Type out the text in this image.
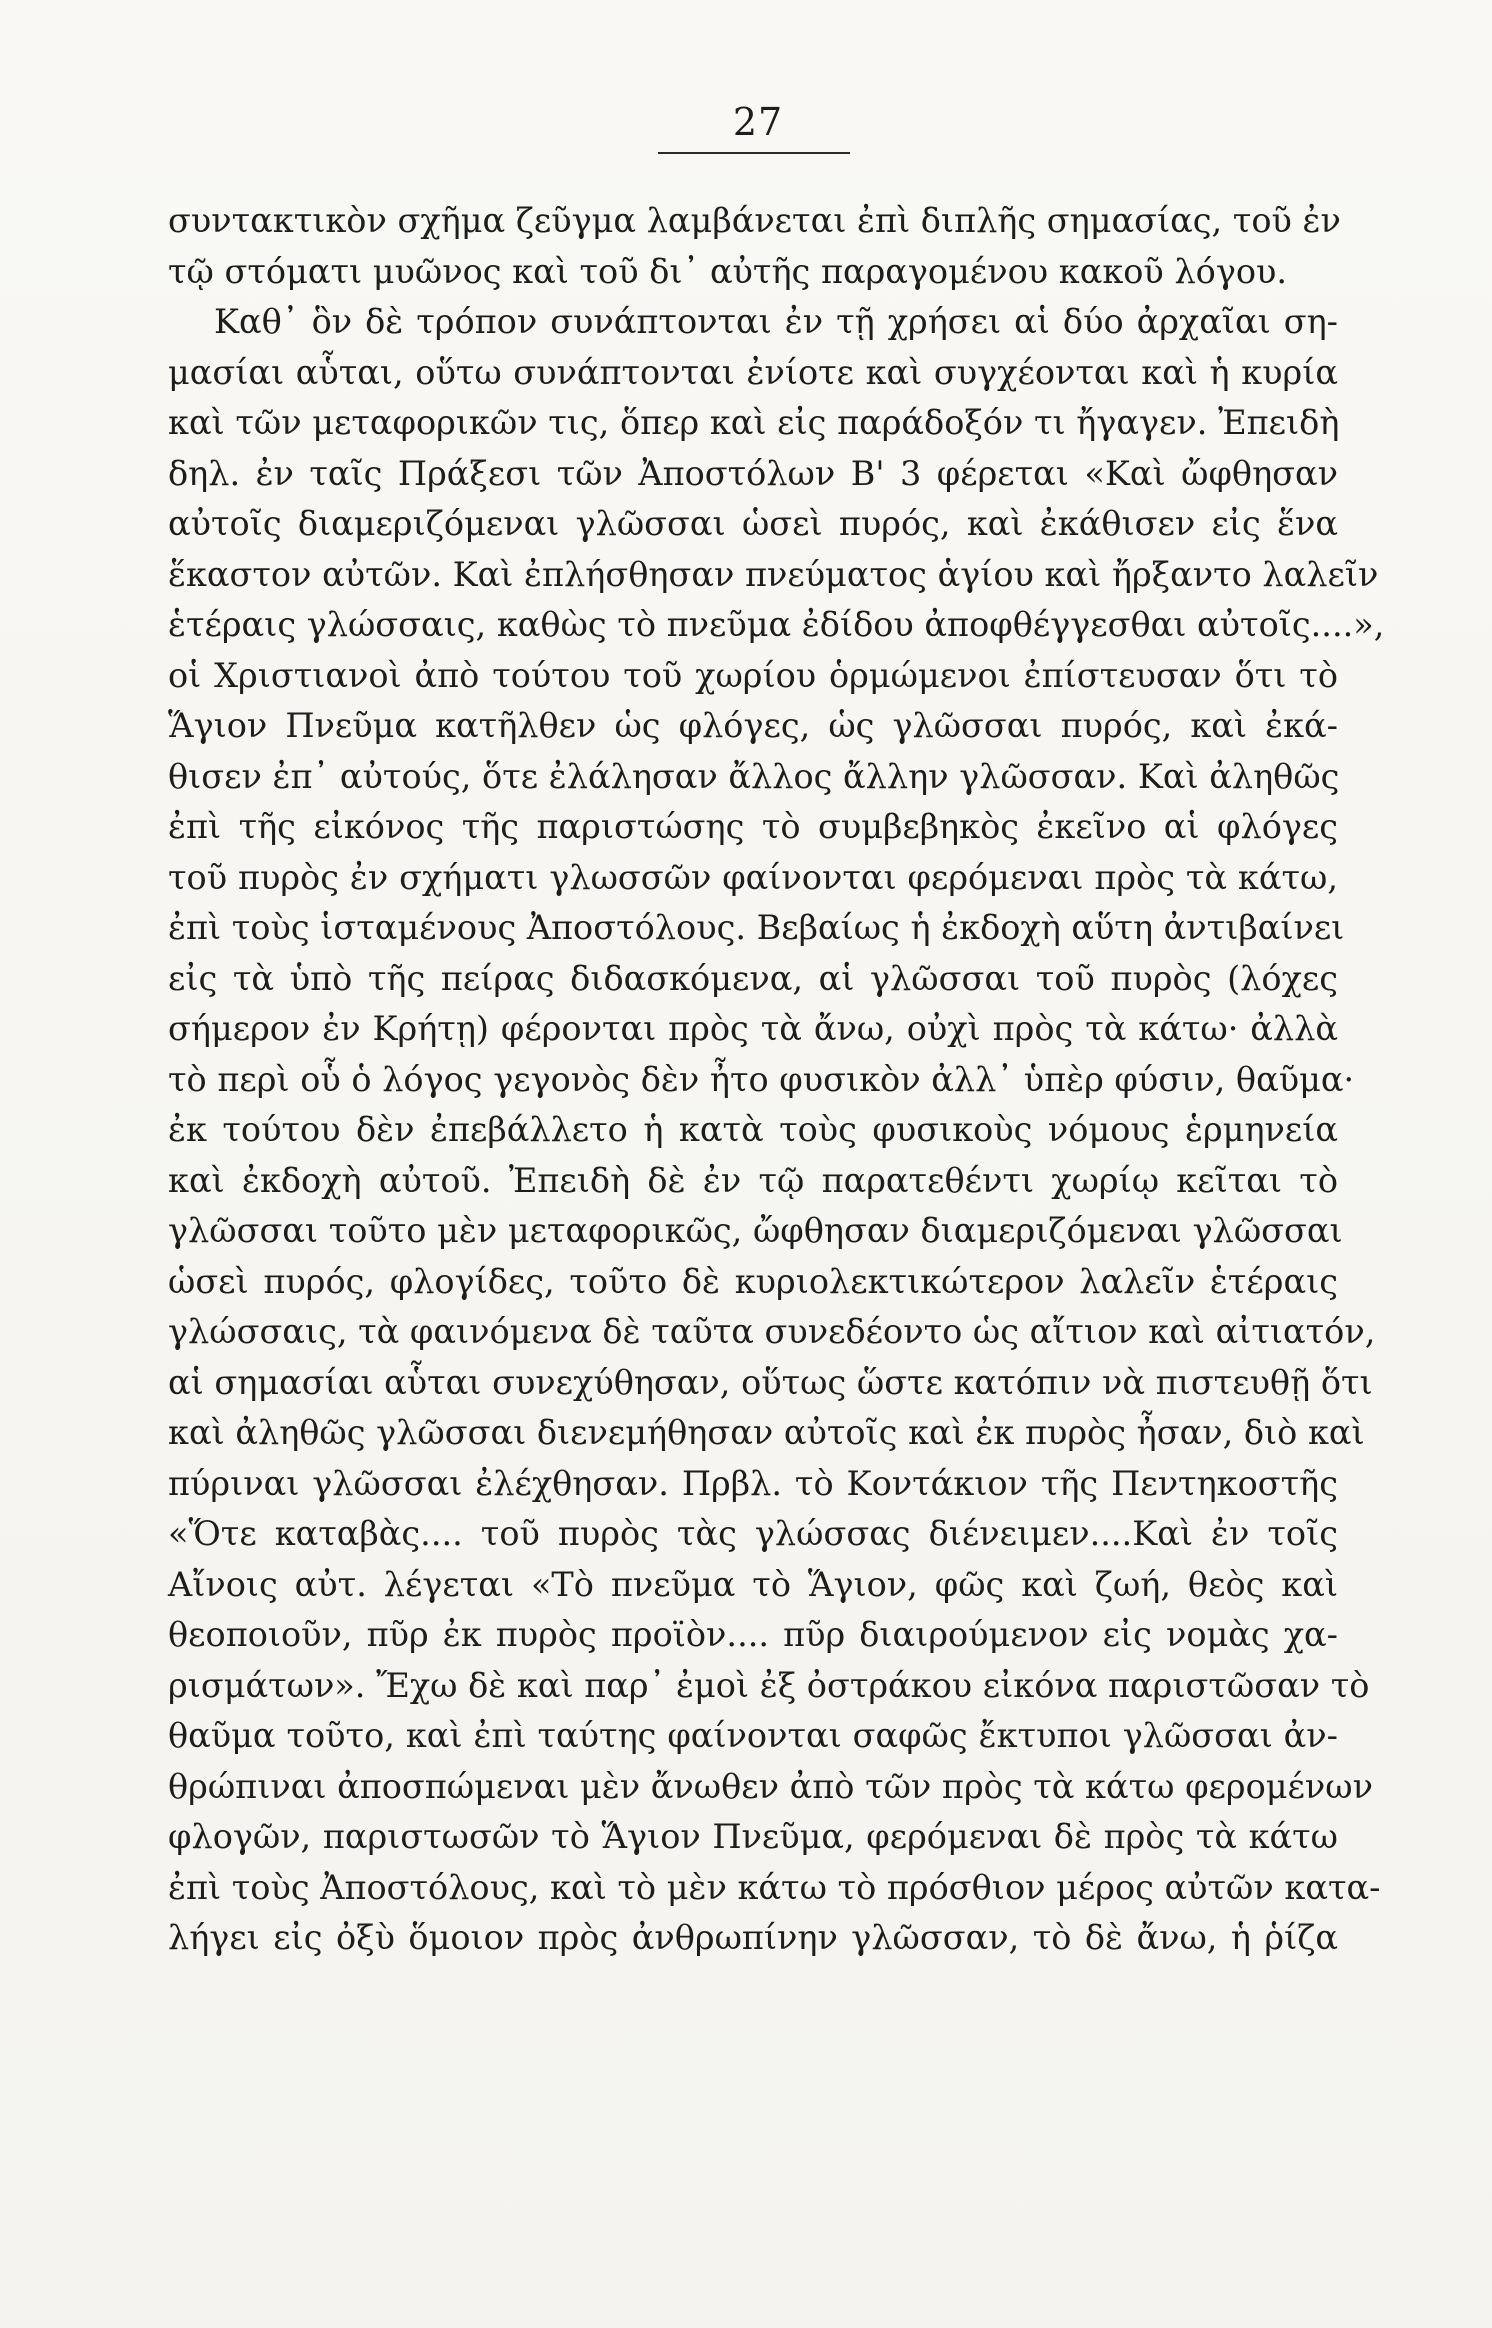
27
συντακτικὸν σχῆμα ζεῦγμα λαμβάνεται ἐπὶ διπλῆς σημασίας, τοῦ ἐν
τῷ στόματι μυῶνος καὶ τοῦ δι᾽ αὐτῆς παραγομένου κακοῦ λόγου.
Καθ᾽ ὃν δὲ τρόπον συνάπτονται ἐν τῇ χρήσει αἱ δύο ἀρχαῖαι ση-
μασίαι αὗται, οὕτω συνάπτονται ἐνίοτε καὶ συγχέονται καὶ ἡ κυρία
καὶ τῶν μεταφορικῶν τις, ὅπερ καὶ εἰς παράδοξόν τι ἤγαγεν. Ἐπειδὴ
δηλ. ἐν ταῖς Πράξεσι τῶν Ἀποστόλων Β' 3 φέρεται «Καὶ ὤφθησαν
αὐτοῖς διαμεριζόμεναι γλῶσσαι ὡσεὶ πυρός, καὶ ἐκάθισεν εἰς ἕνα
ἕκαστον αὐτῶν. Καὶ ἐπλήσθησαν πνεύματος ἁγίου καὶ ἤρξαντο λαλεῖν
ἑτέραις γλώσσαις, καθὼς τὸ πνεῦμα ἐδίδου ἀποφθέγγεσθαι αὐτοῖς....»,
οἱ Χριστιανοὶ ἀπὸ τούτου τοῦ χωρίου ὁρμώμενοι ἐπίστευσαν ὅτι τὸ
Ἅγιον Πνεῦμα κατῆλθεν ὡς φλόγες, ὡς γλῶσσαι πυρός, καὶ ἐκά-
θισεν ἐπ᾽ αὐτούς, ὅτε ἐλάλησαν ἄλλος ἄλλην γλῶσσαν. Καὶ ἀληθῶς
ἐπὶ τῆς εἰκόνος τῆς παριστώσης τὸ συμβεβηκὸς ἐκεῖνο αἱ φλόγες
τοῦ πυρὸς ἐν σχήματι γλωσσῶν φαίνονται φερόμεναι πρὸς τὰ κάτω,
ἐπὶ τοὺς ἱσταμένους Ἀποστόλους. Βεβαίως ἡ ἐκδοχὴ αὕτη ἀντιβαίνει
εἰς τὰ ὑπὸ τῆς πείρας διδασκόμενα, αἱ γλῶσσαι τοῦ πυρὸς (λόχες
σήμερον ἐν Κρήτῃ) φέρονται πρὸς τὰ ἄνω, οὐχὶ πρὸς τὰ κάτω· ἀλλὰ
τὸ περὶ οὗ ὁ λόγος γεγονὸς δὲν ἦτο φυσικὸν ἀλλ᾽ ὑπὲρ φύσιν, θαῦμα·
ἐκ τούτου δὲν ἐπεβάλλετο ἡ κατὰ τοὺς φυσικοὺς νόμους ἑρμηνεία
καὶ ἐκδοχὴ αὐτοῦ. Ἐπειδὴ δὲ ἐν τῷ παρατεθέντι χωρίῳ κεῖται τὸ
γλῶσσαι τοῦτο μὲν μεταφορικῶς, ὤφθησαν διαμεριζόμεναι γλῶσσαι
ὡσεὶ πυρός, φλογίδες, τοῦτο δὲ κυριολεκτικώτερον λαλεῖν ἑτέραις
γλώσσαις, τὰ φαινόμενα δὲ ταῦτα συνεδέοντο ὡς αἴτιον καὶ αἰτιατόν,
αἱ σημασίαι αὗται συνεχύθησαν, οὕτως ὥστε κατόπιν νὰ πιστευθῇ ὅτι
καὶ ἀληθῶς γλῶσσαι διενεμήθησαν αὐτοῖς καὶ ἐκ πυρὸς ἦσαν, διὸ καὶ
πύριναι γλῶσσαι ἐλέχθησαν. Πρβλ. τὸ Κοντάκιον τῆς Πεντηκοστῆς
«Ὅτε καταβὰς.... τοῦ πυρὸς τὰς γλώσσας διένειμεν....Καὶ ἐν τοῖς
Αἴνοις αὐτ. λέγεται «Τὸ πνεῦμα τὸ Ἅγιον, φῶς καὶ ζωή, θεὸς καὶ
θεοποιοῦν, πῦρ ἐκ πυρὸς προϊὸν.... πῦρ διαιρούμενον εἰς νομὰς χα-
ρισμάτων». Ἔχω δὲ καὶ παρ᾽ ἐμοὶ ἐξ ὀστράκου εἰκόνα παριστῶσαν τὸ
θαῦμα τοῦτο, καὶ ἐπὶ ταύτης φαίνονται σαφῶς ἔκτυποι γλῶσσαι ἀν-
θρώπιναι ἀποσπώμεναι μὲν ἄνωθεν ἀπὸ τῶν πρὸς τὰ κάτω φερομένων
φλογῶν, παριστωσῶν τὸ Ἅγιον Πνεῦμα, φερόμεναι δὲ πρὸς τὰ κάτω
ἐπὶ τοὺς Ἀποστόλους, καὶ τὸ μὲν κάτω τὸ πρόσθιον μέρος αὐτῶν κατα-
λήγει εἰς ὀξὺ ὅμοιον πρὸς ἀνθρωπίνην γλῶσσαν, τὸ δὲ ἄνω, ἡ ῥίζα
